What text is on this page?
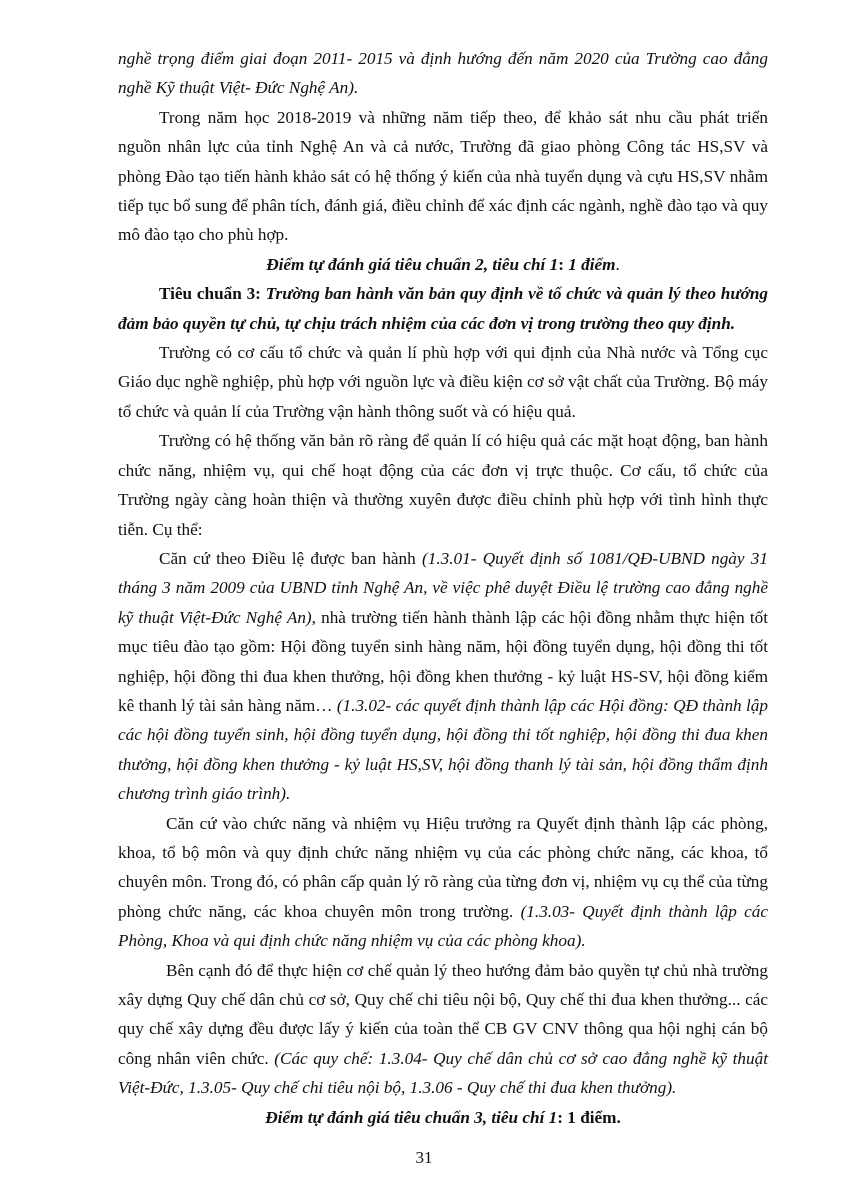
nghề trọng điểm giai đoạn 2011- 2015 và định hướng đến năm 2020 của Trường cao đẳng nghề Kỹ thuật Việt- Đức Nghệ An).

Trong năm học 2018-2019 và những năm tiếp theo, để khảo sát nhu cầu phát triển nguồn nhân lực của tỉnh Nghệ An và cả nước, Trường đã giao phòng Công tác HS,SV và phòng Đào tạo tiến hành khảo sát có hệ thống ý kiến của nhà tuyển dụng và cựu HS,SV nhằm tiếp tục bổ sung để phân tích, đánh giá, điều chỉnh để xác định các ngành, nghề đào tạo và quy mô đào tạo cho phù hợp.

Điểm tự đánh giá tiêu chuẩn 2, tiêu chí 1: 1 điểm.

Tiêu chuẩn 3: Trường ban hành văn bản quy định về tổ chức và quản lý theo hướng đảm bảo quyền tự chủ, tự chịu trách nhiệm của các đơn vị trong trường theo quy định.

Trường có cơ cấu tổ chức và quản lí phù hợp với qui định của Nhà nước và Tổng cục Giáo dục nghề nghiệp, phù hợp với nguồn lực và điều kiện cơ sở vật chất của Trường. Bộ máy tổ chức và quản lí của Trường vận hành thông suốt và có hiệu quả.

Trường có hệ thống văn bản rõ ràng để quản lí có hiệu quả các mặt hoạt động, ban hành chức năng, nhiệm vụ, qui chế hoạt động của các đơn vị trực thuộc. Cơ cấu, tổ chức của Trường ngày càng hoàn thiện và thường xuyên được điều chỉnh phù hợp với tình hình thực tiễn. Cụ thể:

Căn cứ theo Điều lệ được ban hành (1.3.01- Quyết định số 1081/QĐ-UBND ngày 31 tháng 3 năm 2009 của UBND tỉnh Nghệ An, về việc phê duyệt Điều lệ trường cao đẳng nghề kỹ thuật Việt-Đức Nghệ An), nhà trường tiến hành thành lập các hội đồng nhằm thực hiện tốt mục tiêu đào tạo gồm: Hội đồng tuyển sinh hàng năm, hội đồng tuyển dụng, hội đồng thi tốt nghiệp, hội đồng thi đua khen thưởng, hội đồng khen thưởng - kỷ luật HS-SV, hội đồng kiểm kê thanh lý tài sản hàng năm… (1.3.02- các quyết định thành lập các Hội đồng: QĐ thành lập các hội đồng tuyển sinh, hội đồng tuyển dụng, hội đồng thi tốt nghiệp, hội đồng thi đua khen thưởng, hội đồng khen thưởng - kỷ luật HS,SV, hội đồng thanh lý tài sản, hội đồng thẩm định chương trình giáo trình).

Căn cứ vào chức năng và nhiệm vụ Hiệu trưởng ra Quyết định thành lập các phòng, khoa, tổ bộ môn và quy định chức năng nhiệm vụ của các phòng chức năng, các khoa, tổ chuyên môn. Trong đó, có phân cấp quản lý rõ ràng của từng đơn vị, nhiệm vụ cụ thể của từng phòng chức năng, các khoa chuyên môn trong trường. (1.3.03- Quyết định thành lập các Phòng, Khoa và qui định chức năng nhiệm vụ của các phòng khoa).

Bên cạnh đó để thực hiện cơ chế quản lý theo hướng đảm bảo quyền tự chủ nhà trường xây dựng Quy chế dân chủ cơ sở, Quy chế chi tiêu nội bộ, Quy chế thi đua khen thưởng... các quy chế xây dựng đều được lấy ý kiến của toàn thể CB GV CNV thông qua hội nghị cán bộ công nhân viên chức. (Các quy chế: 1.3.04- Quy chế dân chủ cơ sở cao đẳng nghề kỹ thuật Việt-Đức, 1.3.05- Quy chế chi tiêu nội bộ, 1.3.06 - Quy chế thi đua khen thưởng).

Điểm tự đánh giá tiêu chuẩn 3, tiêu chí 1: 1 điểm.

31
